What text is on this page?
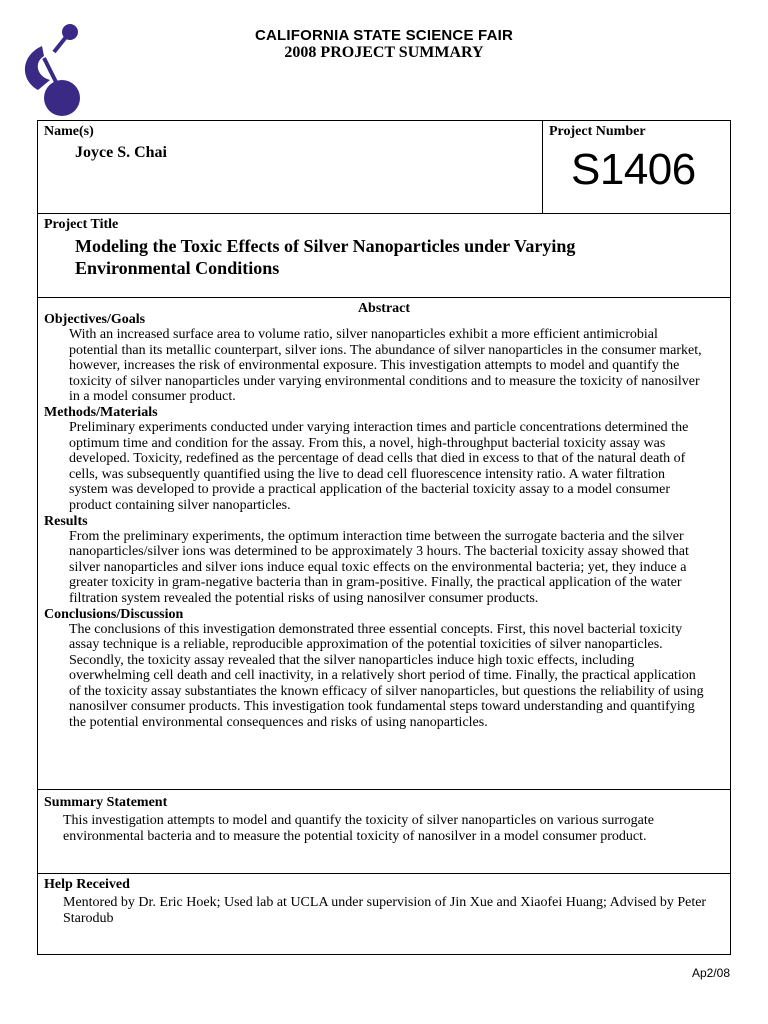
CALIFORNIA STATE SCIENCE FAIR
2008 PROJECT SUMMARY
Name(s)
Joyce S. Chai
Project Number
S1406
Project Title
Modeling the Toxic Effects of Silver Nanoparticles under Varying
Environmental Conditions
Abstract
Objectives/Goals

With an increased surface area to volume ratio, silver nanoparticles exhibit a more efficient antimicrobial potential than its metallic counterpart, silver ions. The abundance of silver nanoparticles in the consumer market, however, increases the risk of environmental exposure. This investigation attempts to model and quantify the toxicity of silver nanoparticles under varying environmental conditions and to measure the toxicity of nanosilver in a model consumer product.

Methods/Materials

Preliminary experiments conducted under varying interaction times and particle concentrations determined the optimum time and condition for the assay. From this, a novel, high-throughput bacterial toxicity assay was developed. Toxicity, redefined as the percentage of dead cells that died in excess to that of the natural death of cells, was subsequently quantified using the live to dead cell fluorescence intensity ratio. A water filtration system was developed to provide a practical application of the bacterial toxicity assay to a model consumer product containing silver nanoparticles.

Results

From the preliminary experiments, the optimum interaction time between the surrogate bacteria and the silver nanoparticles/silver ions was determined to be approximately 3 hours. The bacterial toxicity assay showed that silver nanoparticles and silver ions induce equal toxic effects on the environmental bacteria; yet, they induce a greater toxicity in gram-negative bacteria than in gram-positive. Finally, the practical application of the water filtration system revealed the potential risks of using nanosilver consumer products.

Conclusions/Discussion

The conclusions of this investigation demonstrated three essential concepts. First, this novel bacterial toxicity assay technique is a reliable, reproducible approximation of the potential toxicities of silver nanoparticles. Secondly, the toxicity assay revealed that the silver nanoparticles induce high toxic effects, including overwhelming cell death and cell inactivity, in a relatively short period of time. Finally, the practical application of the toxicity assay substantiates the known efficacy of silver nanoparticles, but questions the reliability of using nanosilver consumer products. This investigation took fundamental steps toward understanding and quantifying the potential environmental consequences and risks of using nanoparticles.

Summary Statement
This investigation attempts to model and quantify the toxicity of silver nanoparticles on various surrogate environmental bacteria and to measure the potential toxicity of nanosilver in a model consumer product.
Help Received
Mentored by Dr. Eric Hoek; Used lab at UCLA under supervision of Jin Xue and Xiaofei Huang; Advised by Peter Starodub
Ap2/08
